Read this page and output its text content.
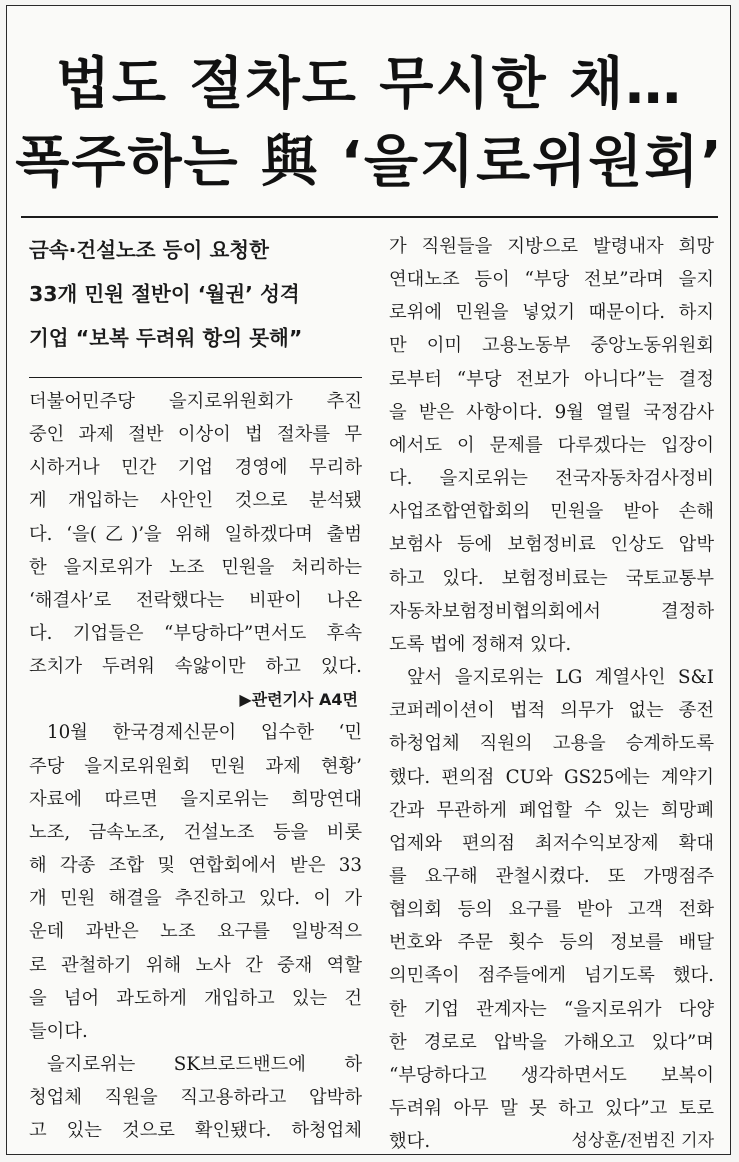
법도 절차도 무시한 채…
폭주하는 與 ‘을지로위원회’
금속·건설노조 등이 요청한
33개 민원 절반이 ‘월권’ 성격
기업 “보복 두려워 항의 못해”
더불어민주당 을지로위원회가 추진
중인 과제 절반 이상이 법 절차를 무
시하거나 민간 기업 경영에 무리하
게 개입하는 사안인 것으로 분석됐
다. ‘을(乙)’을 위해 일하겠다며 출범
한 을지로위가 노조 민원을 처리하는
‘해결사’로 전락했다는 비판이 나온
다. 기업들은 “부당하다”면서도 후속
조치가 두려워 속앓이만 하고 있다.
▶관련기사 A4면
10월 한국경제신문이 입수한 ‘민
주당 을지로위원회 민원 과제 현황’
자료에 따르면 을지로위는 희망연대
노조, 금속노조, 건설노조 등을 비롯
해 각종 조합 및 연합회에서 받은 33
개 민원 해결을 추진하고 있다. 이 가
운데 과반은 노조 요구를 일방적으
로 관철하기 위해 노사 간 중재 역할
을 넘어 과도하게 개입하고 있는 건
들이다.
을지로위는 SK브로드밴드에 하
청업체 직원을 직고용하라고 압박하
고 있는 것으로 확인됐다. 하청업체
가 직원들을 지방으로 발령내자 희망
연대노조 등이 “부당 전보”라며 을지
로위에 민원을 넣었기 때문이다. 하지
만 이미 고용노동부 중앙노동위원회
로부터 “부당 전보가 아니다”는 결정
을 받은 사항이다. 9월 열릴 국정감사
에서도 이 문제를 다루겠다는 입장이
다. 을지로위는 전국자동차검사정비
사업조합연합회의 민원을 받아 손해
보험사 등에 보험정비료 인상도 압박
하고 있다. 보험정비료는 국토교통부
자동차보험정비협의회에서 결정하
도록 법에 정해져 있다.
앞서 을지로위는 LG 계열사인 S&I
코퍼레이션이 법적 의무가 없는 종전
하청업체 직원의 고용을 승계하도록
했다. 편의점 CU와 GS25에는 계약기
간과 무관하게 폐업할 수 있는 희망폐
업제와 편의점 최저수익보장제 확대
를 요구해 관철시켰다. 또 가맹점주
협의회 등의 요구를 받아 고객 전화
번호와 주문 횟수 등의 정보를 배달
의민족이 점주들에게 넘기도록 했다.
한 기업 관계자는 “을지로위가 다양
한 경로로 압박을 가해오고 있다”며
“부당하다고 생각하면서도 보복이
두려워 아무 말 못 하고 있다”고 토로
했다.	성상훈/전범진 기자
